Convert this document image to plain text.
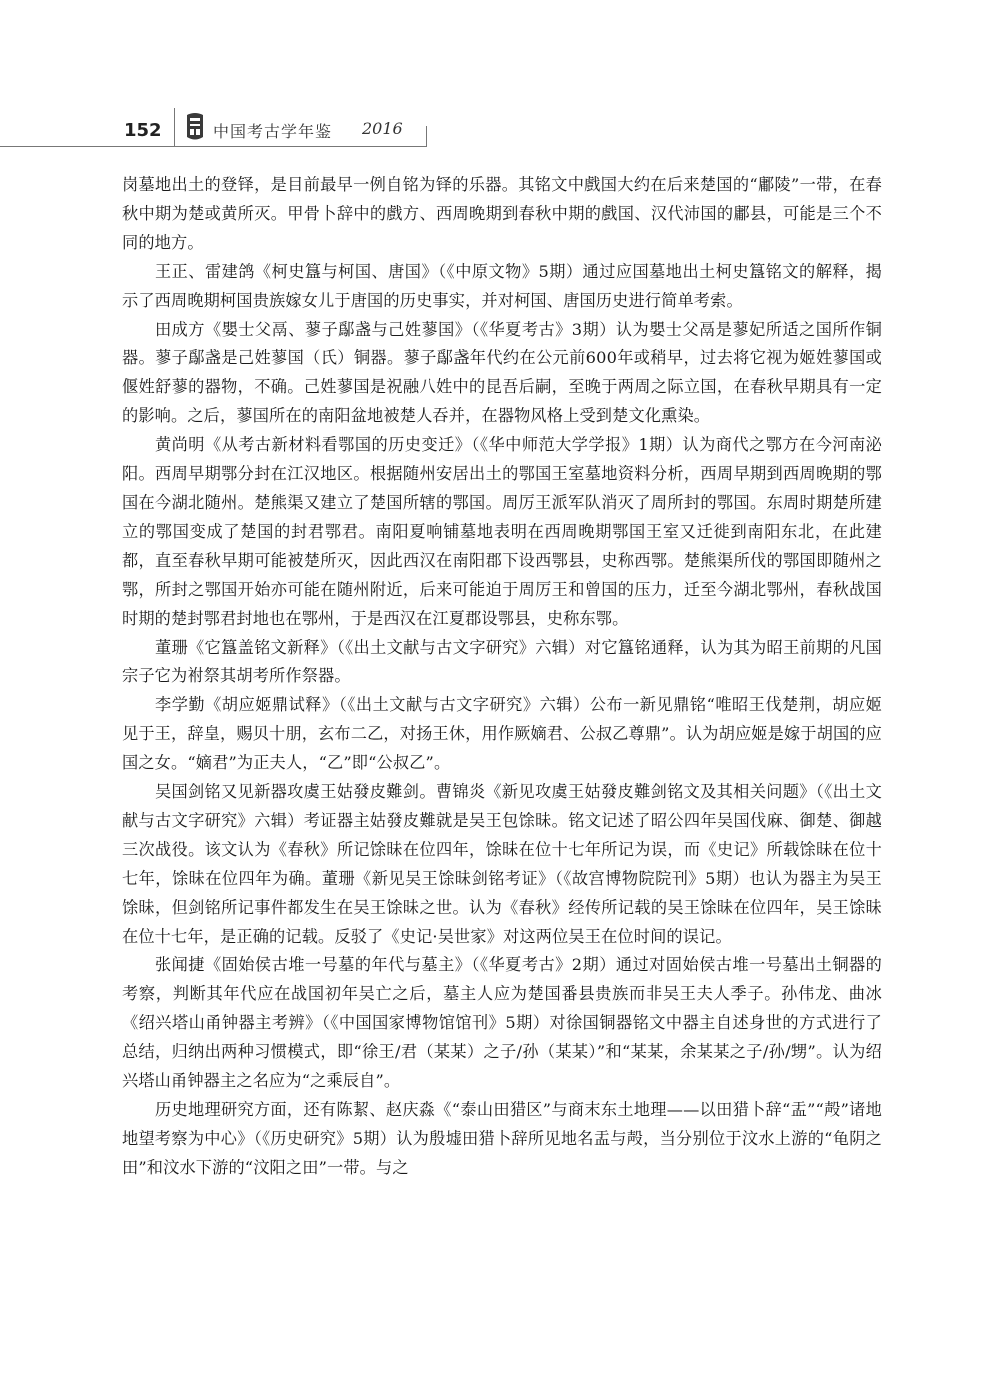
152	中国考古学年鉴 2016

岗墓地出土的登铎，是目前最早一例自铭为铎的乐器。其铭文中戲国大约在后来楚国的“鄘陵”一带，在春秋中期为楚或黄所灭。甲骨卜辞中的戲方、西周晚期到春秋中期的戲国、汉代沛国的鄘县，可能是三个不同的地方。

王正、雷建鸽《柯史簋与柯国、唐国》（《中原文物》5期）通过应国墓地出土柯史簋铭文的解释，揭示了西周晚期柯国贵族嫁女儿于唐国的历史事实，并对柯国、唐国历史进行简单考索。

田成方《嬰士父鬲、蓼子鄬盏与己姓蓼国》（《华夏考古》3期）认为嬰士父鬲是蓼妃所适之国所作铜器。蓼子鄬盏是己姓蓼国（氏）铜器。蓼子鄬盏年代约在公元前600年或稍早，过去将它视为姬姓蓼国或偃姓舒蓼的器物，不确。己姓蓼国是祝融八姓中的昆吾后嗣，至晚于两周之际立国，在春秋早期具有一定的影响。之后，蓼国所在的南阳盆地被楚人吞并，在器物风格上受到楚文化熏染。

黄尚明《从考古新材料看鄂国的历史变迁》（《华中师范大学学报》1期）认为商代之鄂方在今河南泌阳。西周早期鄂分封在江汉地区。根据随州安居出土的鄂国王室墓地资料分析，西周早期到西周晚期的鄂国在今湖北随州。楚熊渠又建立了楚国所辖的鄂国。周厉王派军队消灭了周所封的鄂国。东周时期楚所建立的鄂国变成了楚国的封君鄂君。南阳夏响铺墓地表明在西周晚期鄂国王室又迁徙到南阳东北，在此建都，直至春秋早期可能被楚所灭，因此西汉在南阳郡下设西鄂县，史称西鄂。楚熊渠所伐的鄂国即随州之鄂，所封之鄂国开始亦可能在随州附近，后来可能迫于周厉王和曾国的压力，迁至今湖北鄂州，春秋战国时期的楚封鄂君封地也在鄂州，于是西汉在江夏郡设鄂县，史称东鄂。

董珊《它簋盖铭文新释》（《出土文献与古文字研究》六辑）对它簋铭通释，认为其为昭王前期的凡国宗子它为祔祭其胡考所作祭器。

李学勤《胡应姬鼎试释》（《出土文献与古文字研究》六辑）公布一新见鼎铭“唯昭王伐楚荆，胡应姬见于王，辞皇，赐贝十朋，玄布二乙，对扬王休，用作厥嫡君、公叔乙尊鼎”。认为胡应姬是嫁于胡国的应国之女。“嫡君”为正夫人，“乙”即“公叔乙”。

吴国剑铭又见新器攻虞王姑發皮難剑。曹锦炎《新见攻虞王姑發皮難剑铭文及其相关问题》（《出土文献与古文字研究》六辑）考证器主姑發皮難就是吴王包馀昧。铭文记述了昭公四年吴国伐麻、御楚、御越三次战役。该文认为《春秋》所记馀昧在位四年，馀昧在位十七年所记为误，而《史记》所载馀昧在位十七年，馀昧在位四年为确。董珊《新见吴王馀昧剑铭考证》（《故宫博物院院刊》5期）也认为器主为吴王馀昧，但剑铭所记事件都发生在吴王馀昧之世。认为《春秋》经传所记载的吴王馀昧在位四年，吴王馀昧在位十七年，是正确的记载。反驳了《史记·吴世家》对这两位吴王在位时间的误记。

张闻捷《固始侯古堆一号墓的年代与墓主》（《华夏考古》2期）通过对固始侯古堆一号墓出土铜器的考察，判断其年代应在战国初年吴亡之后，墓主人应为楚国番县贵族而非吴王夫人季子。孙伟龙、曲冰《绍兴塔山甬钟器主考辨》（《中国国家博物馆馆刊》5期）对徐国铜器铭文中器主自述身世的方式进行了总结，归纳出两种习惯模式，即“徐王/君（某某）之子/孙（某某）”和“某某，余某某之子/孙/甥”。认为绍兴塔山甬钟器主之名应为“之乘辰自”。

历史地理研究方面，还有陈絜、赵庆淼《“泰山田猎区”与商末东土地理——以田猎卜辞“盂”“殸”诸地地望考察为中心》（《历史研究》5期）认为殷墟田猎卜辞所见地名盂与殸，当分别位于汶水上游的“龟阴之田”和汶水下游的“汶阳之田”一带。与之
